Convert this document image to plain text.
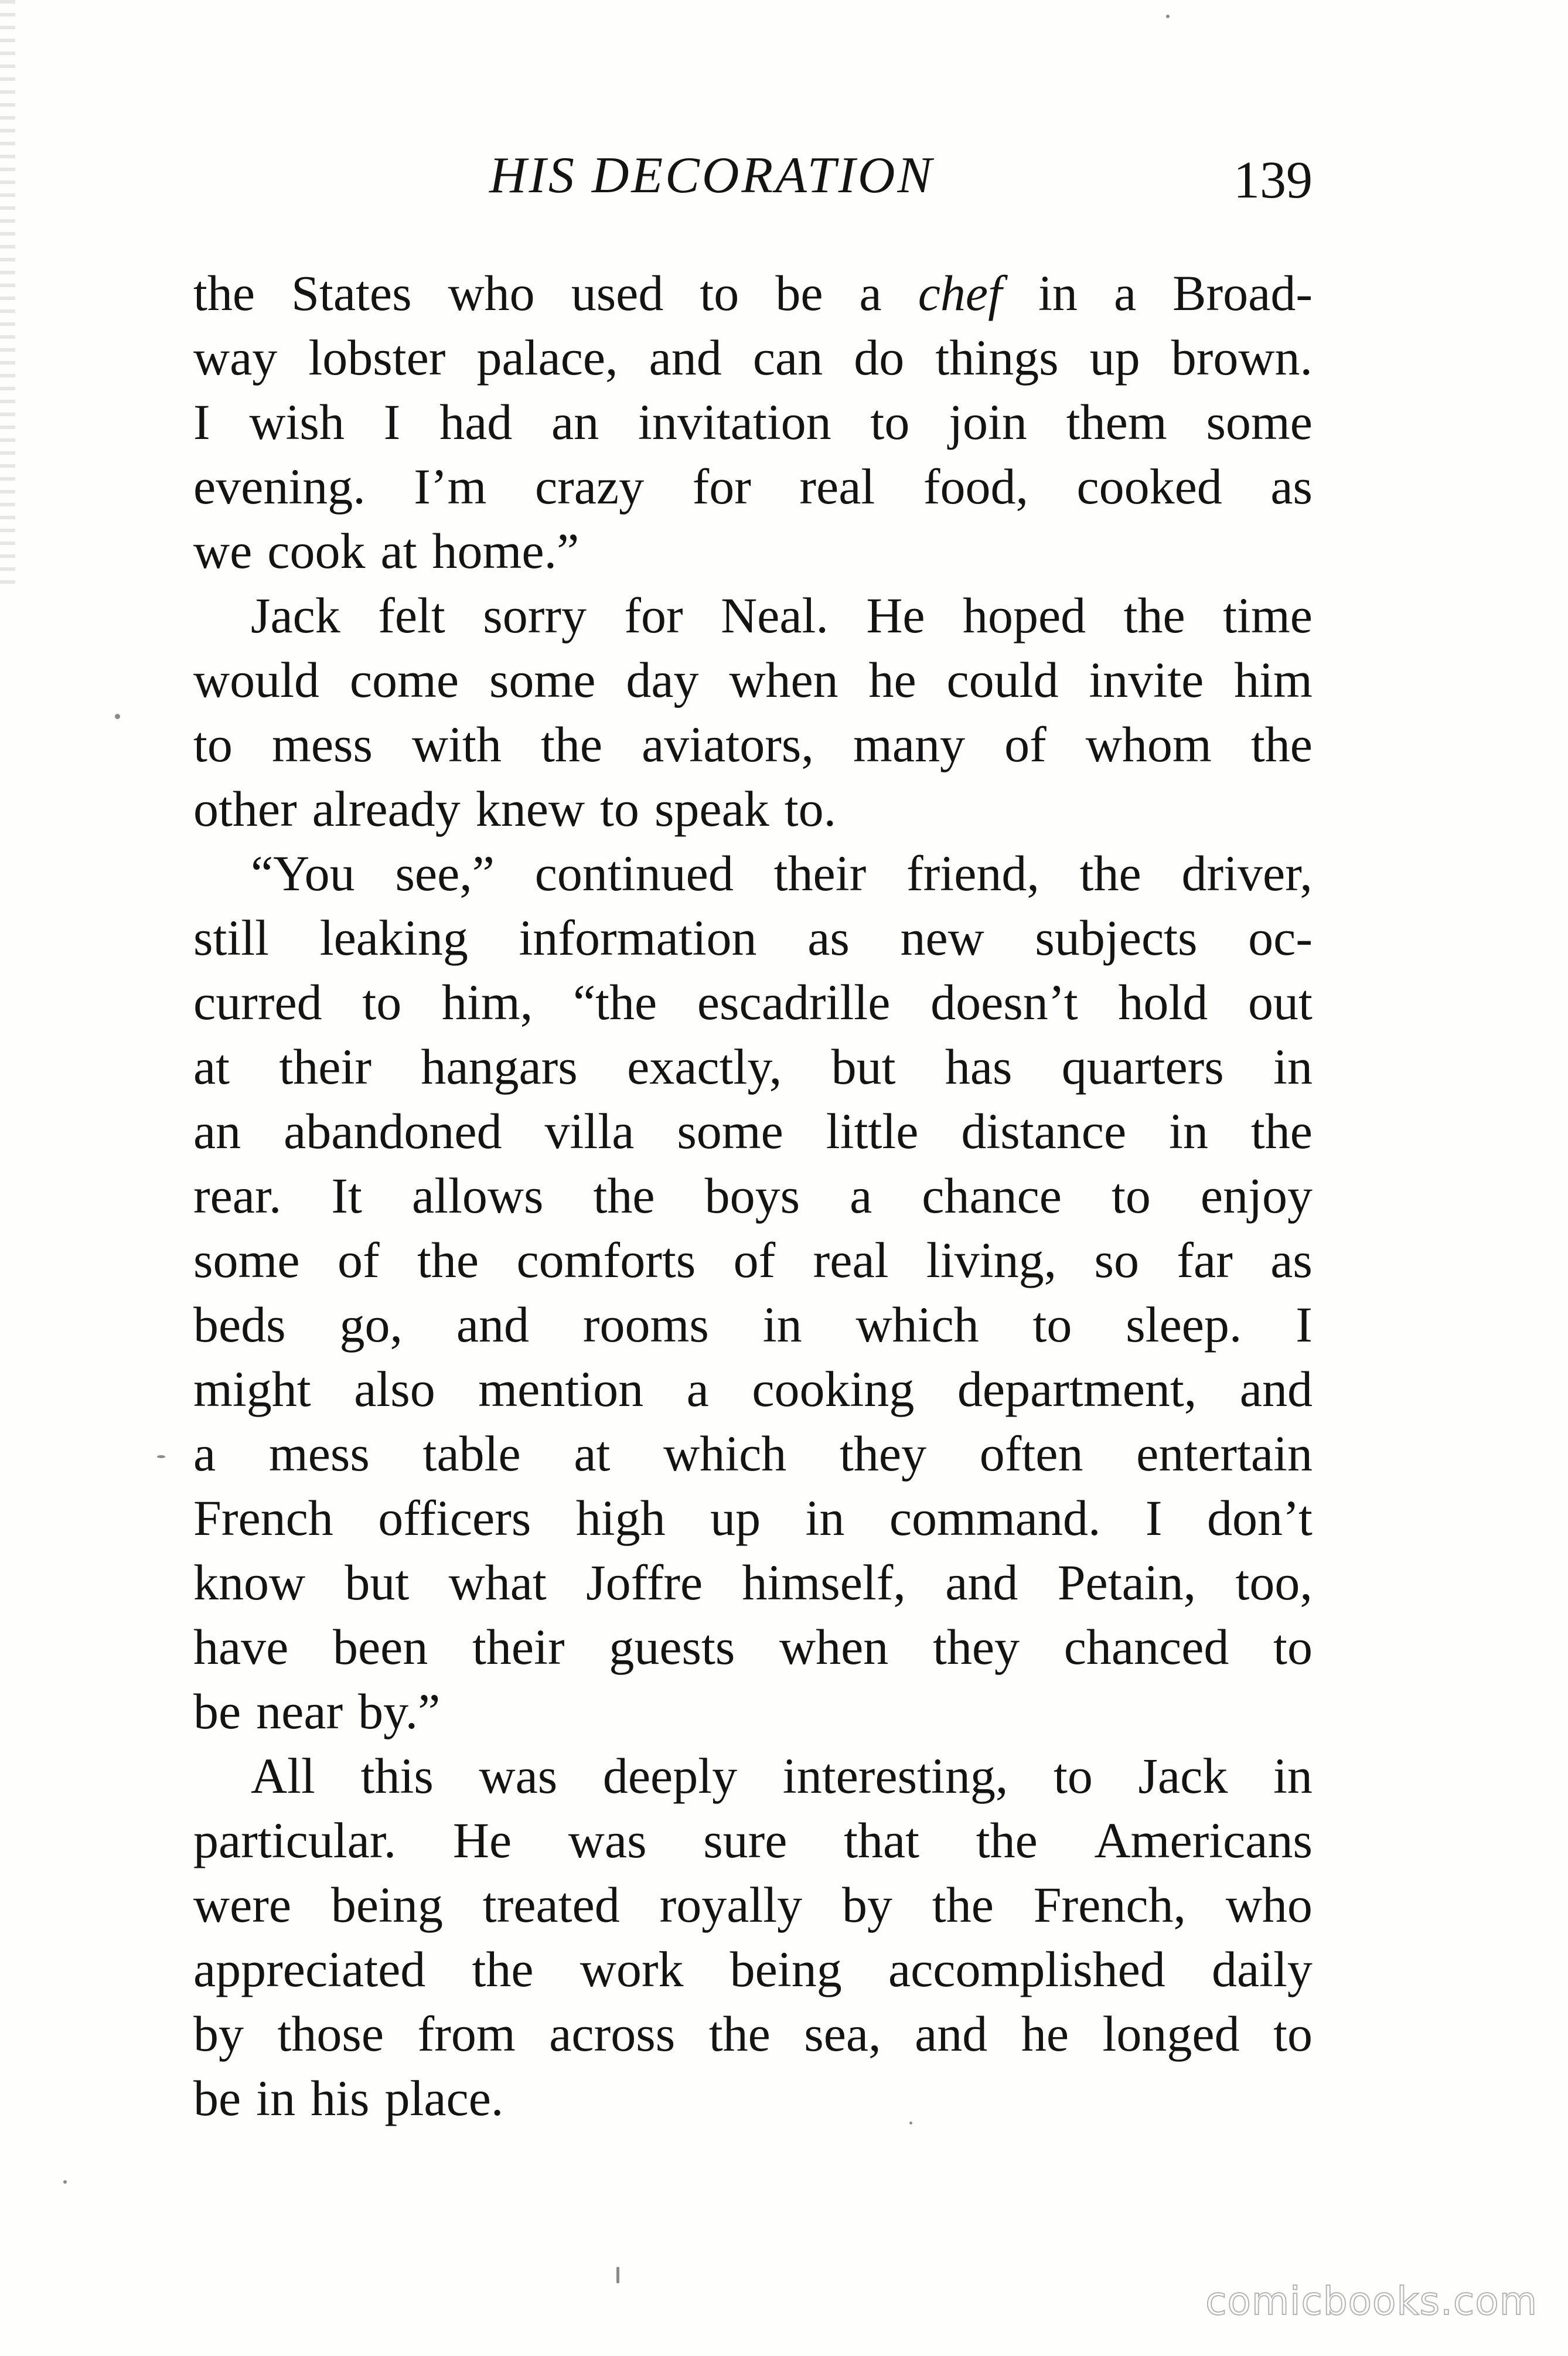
HIS DECORATION	139
the States who used to be a chef in a Broad-
way lobster palace, and can do things up brown.
I wish I had an invitation to join them some
evening. I’m crazy for real food, cooked as
we cook at home.”
Jack felt sorry for Neal. He hoped the time
would come some day when he could invite him
to mess with the aviators, many of whom the
other already knew to speak to.
“You see,” continued their friend, the driver,
still leaking information as new subjects oc-
curred to him, “the escadrille doesn’t hold out
at their hangars exactly, but has quarters in
an abandoned villa some little distance in the
rear. It allows the boys a chance to enjoy
some of the comforts of real living, so far as
beds go, and rooms in which to sleep. I
might also mention a cooking department, and
a mess table at which they often entertain
French officers high up in command. I don’t
know but what Joffre himself, and Petain, too,
have been their guests when they chanced to
be near by.”
All this was deeply interesting, to Jack in
particular. He was sure that the Americans
were being treated royally by the French, who
appreciated the work being accomplished daily
by those from across the sea, and he longed to
be in his place.
comicbooks.com
